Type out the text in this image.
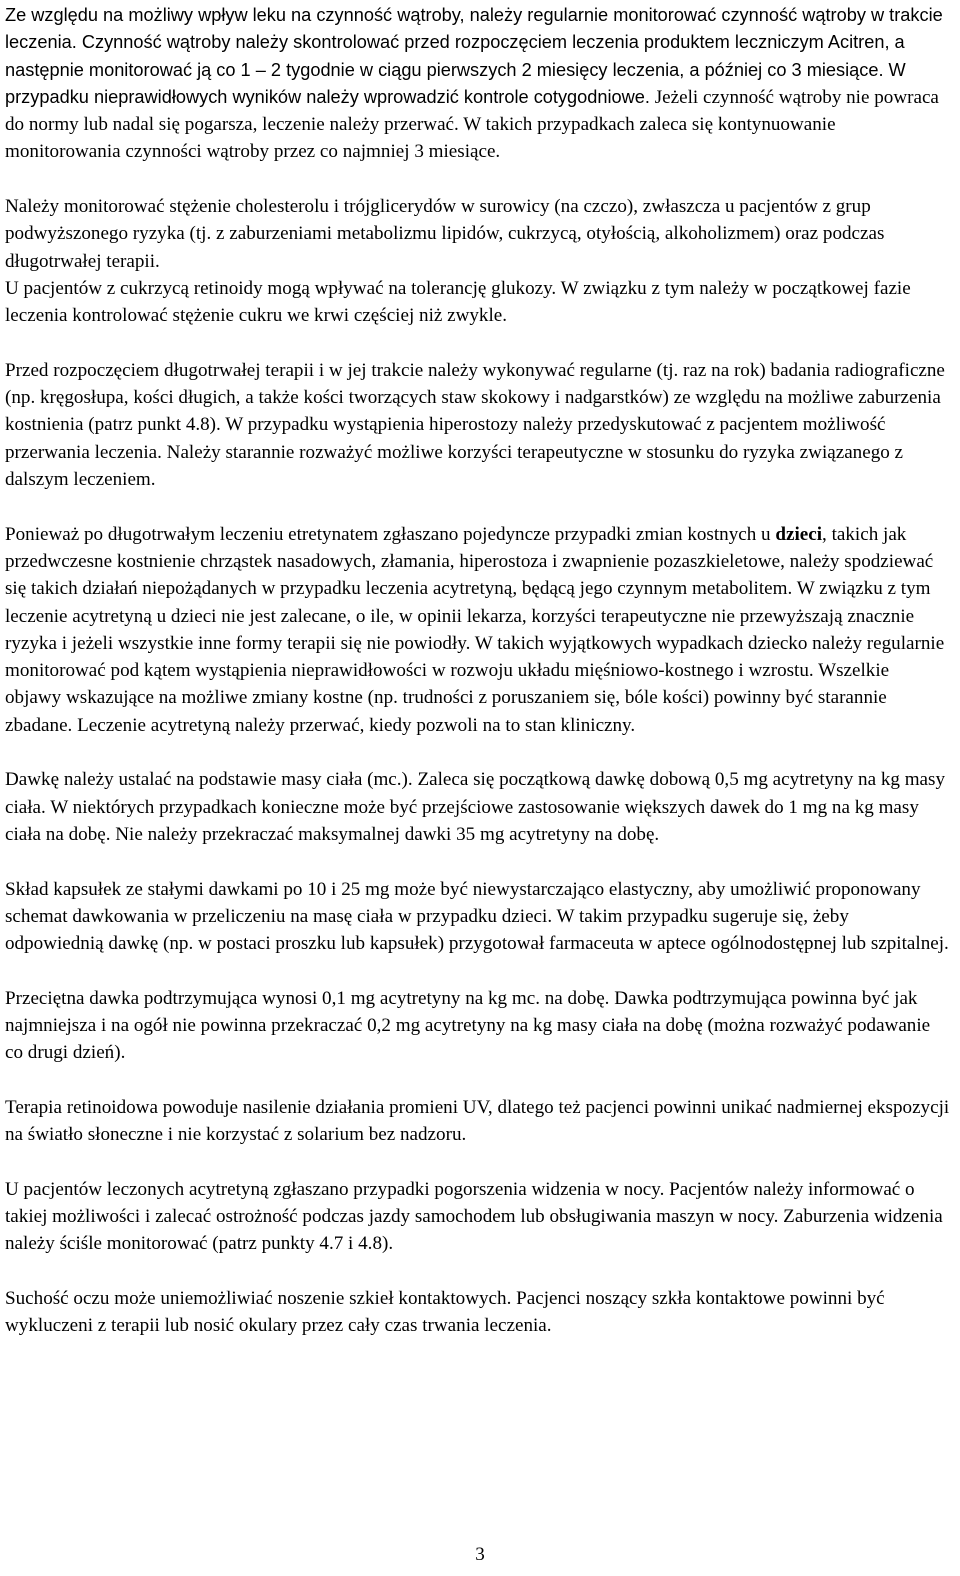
Ze względu na możliwy wpływ leku na czynność wątroby, należy regularnie monitorować czynność wątroby w trakcie leczenia. Czynność wątroby należy skontrolować przed rozpoczęciem leczenia produktem leczniczym Acitren, a następnie monitorować ją co 1 – 2 tygodnie w ciągu pierwszych 2 miesięcy leczenia, a później co 3 miesiące. W przypadku nieprawidłowych wyników należy wprowadzić kontrole cotygodniowe. Jeżeli czynność wątroby nie powraca do normy lub nadal się pogarsza, leczenie należy przerwać. W takich przypadkach zaleca się kontynuowanie monitorowania czynności wątroby przez co najmniej 3 miesiące.

Należy monitorować stężenie cholesterolu i trójglicerydów w surowicy (na czczo), zwłaszcza u pacjentów z grup podwyższonego ryzyka (tj. z zaburzeniami metabolizmu lipidów, cukrzycą, otyłością, alkoholizmem) oraz podczas długotrwałej terapii.

U pacjentów z cukrzycą retinoidy mogą wpływać na tolerancję glukozy. W związku z tym należy w początkowej fazie leczenia kontrolować stężenie cukru we krwi częściej niż zwykle.

Przed rozpoczęciem długotrwałej terapii i w jej trakcie należy wykonywać regularne (tj. raz na rok) badania radiograficzne (np. kręgosłupa, kości długich, a także kości tworzących staw skokowy i nadgarstków) ze względu na możliwe zaburzenia kostnienia (patrz punkt 4.8). W przypadku wystąpienia hiperostozy należy przedyskutować z pacjentem możliwość przerwania leczenia. Należy starannie rozważyć możliwe korzyści terapeutyczne w stosunku do ryzyka związanego z dalszym leczeniem.

Ponieważ po długotrwałym leczeniu etretynatem zgłaszano pojedyncze przypadki zmian kostnych u dzieci, takich jak przedwczesne kostnienie chrząstek nasadowych, złamania, hiperostoza i zwapnienie pozaszkieletowe, należy spodziewać się takich działań niepożądanych w przypadku leczenia acytretyną, będącą jego czynnym metabolitem. W związku z tym leczenie acytretyną u dzieci nie jest zalecane, o ile, w opinii lekarza, korzyści terapeutyczne nie przewyższają znacznie ryzyka i jeżeli wszystkie inne formy terapii się nie powiodły. W takich wyjątkowych wypadkach dziecko należy regularnie monitorować pod kątem wystąpienia nieprawidłowości w rozwoju układu mięśniowo-kostnego i wzrostu. Wszelkie objawy wskazujące na możliwe zmiany kostne (np. trudności z poruszaniem się, bóle kości) powinny być starannie zbadane. Leczenie acytretyną należy przerwać, kiedy pozwoli na to stan kliniczny.

Dawkę należy ustalać na podstawie masy ciała (mc.). Zaleca się początkową dawkę dobową 0,5 mg acytretyny na kg masy ciała. W niektórych przypadkach konieczne może być przejściowe zastosowanie większych dawek do 1 mg na kg masy ciała na dobę. Nie należy przekraczać maksymalnej dawki 35 mg acytretyny na dobę.

Skład kapsułek ze stałymi dawkami po 10 i 25 mg może być niewystarczająco elastyczny, aby umożliwić proponowany schemat dawkowania w przeliczeniu na masę ciała w przypadku dzieci. W takim przypadku sugeruje się, żeby odpowiednią dawkę (np. w postaci proszku lub kapsułek) przygotował farmaceuta w aptece ogólnodostępnej lub szpitalnej.

Przeciętna dawka podtrzymująca wynosi 0,1 mg acytretyny na kg mc. na dobę. Dawka podtrzymująca powinna być jak najmniejsza i na ogół nie powinna przekraczać 0,2 mg acytretyny na kg masy ciała na dobę (można rozważyć podawanie co drugi dzień).

Terapia retinoidowa powoduje nasilenie działania promieni UV, dlatego też pacjenci powinni unikać nadmiernej ekspozycji na światło słoneczne i nie korzystać z solarium bez nadzoru.

U pacjentów leczonych acytretyną zgłaszano przypadki pogorszenia widzenia w nocy. Pacjentów należy informować o takiej możliwości i zalecać ostrożność podczas jazdy samochodem lub obsługiwania maszyn w nocy. Zaburzenia widzenia należy ściśle monitorować (patrz punkty 4.7 i 4.8).

Suchość oczu może uniemożliwiać noszenie szkieł kontaktowych. Pacjenci noszący szkła kontaktowe powinni być wykluczeni z terapii lub nosić okulary przez cały czas trwania leczenia.

3
